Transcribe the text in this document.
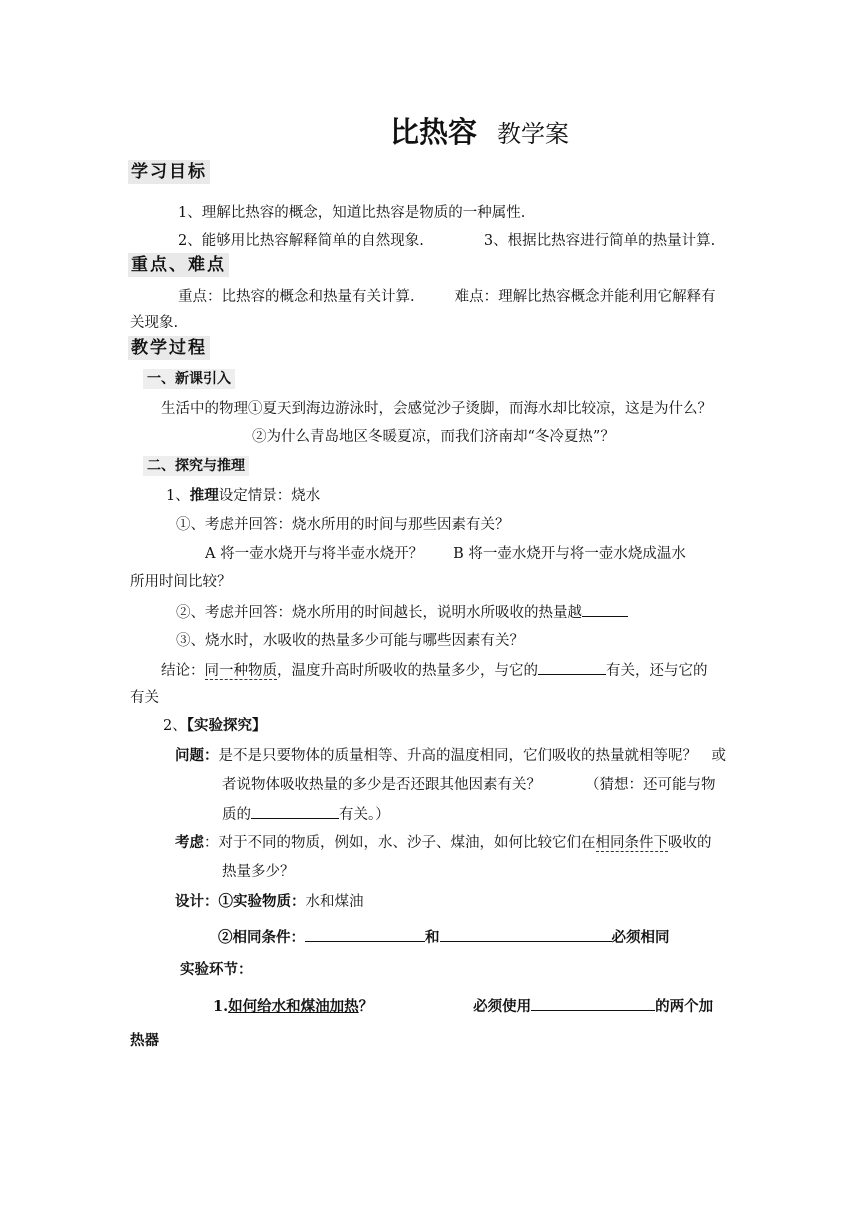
比热容 教学案
学习目标
1、理解比热容的概念，知道比热容是物质的一种属性.
2、能够用比热容解释简单的自然现象.	3、根据比热容进行简单的热量计算.
重点、难点
重点：比热容的概念和热量有关计算.	难点：理解比热容概念并能利用它解释有
关现象.
教学过程
一、新课引入
生活中的物理①夏天到海边游泳时，会感觉沙子烫脚，而海水却比较凉，这是为什么？
②为什么青岛地区冬暖夏凉，而我们济南却“冬冷夏热”？
二、探究与推理
1、推理设定情景：烧水
①、考虑并回答：烧水所用的时间与那些因素有关？
A 将一壶水烧开与将半壶水烧开？ B 将一壶水烧开与将一壶水烧成温水
所用时间比较？
②、考虑并回答：烧水所用的时间越长，说明水所吸收的热量越
③、烧水时，水吸收的热量多少可能与哪些因素有关？
结论：同一种物质，温度升高时所吸收的热量多少，与它的	有关，还与它的
有关
2、【实验探究】
问题：是不是只要物体的质量相等、升高的温度相同，它们吸收的热量就相等呢？　或
者说物体吸收热量的多少是否还跟其他因素有关？	（猜想：还可能与物
质的	有关。）
考虑：对于不同的物质，例如，水、沙子、煤油，如何比较它们在相同条件下吸收的
热量多少？
设计：①实验物质：水和煤油
②相同条件：	和	必须相同
实验环节：
1.如何给水和煤油加热？	必须使用	的两个加
热器
